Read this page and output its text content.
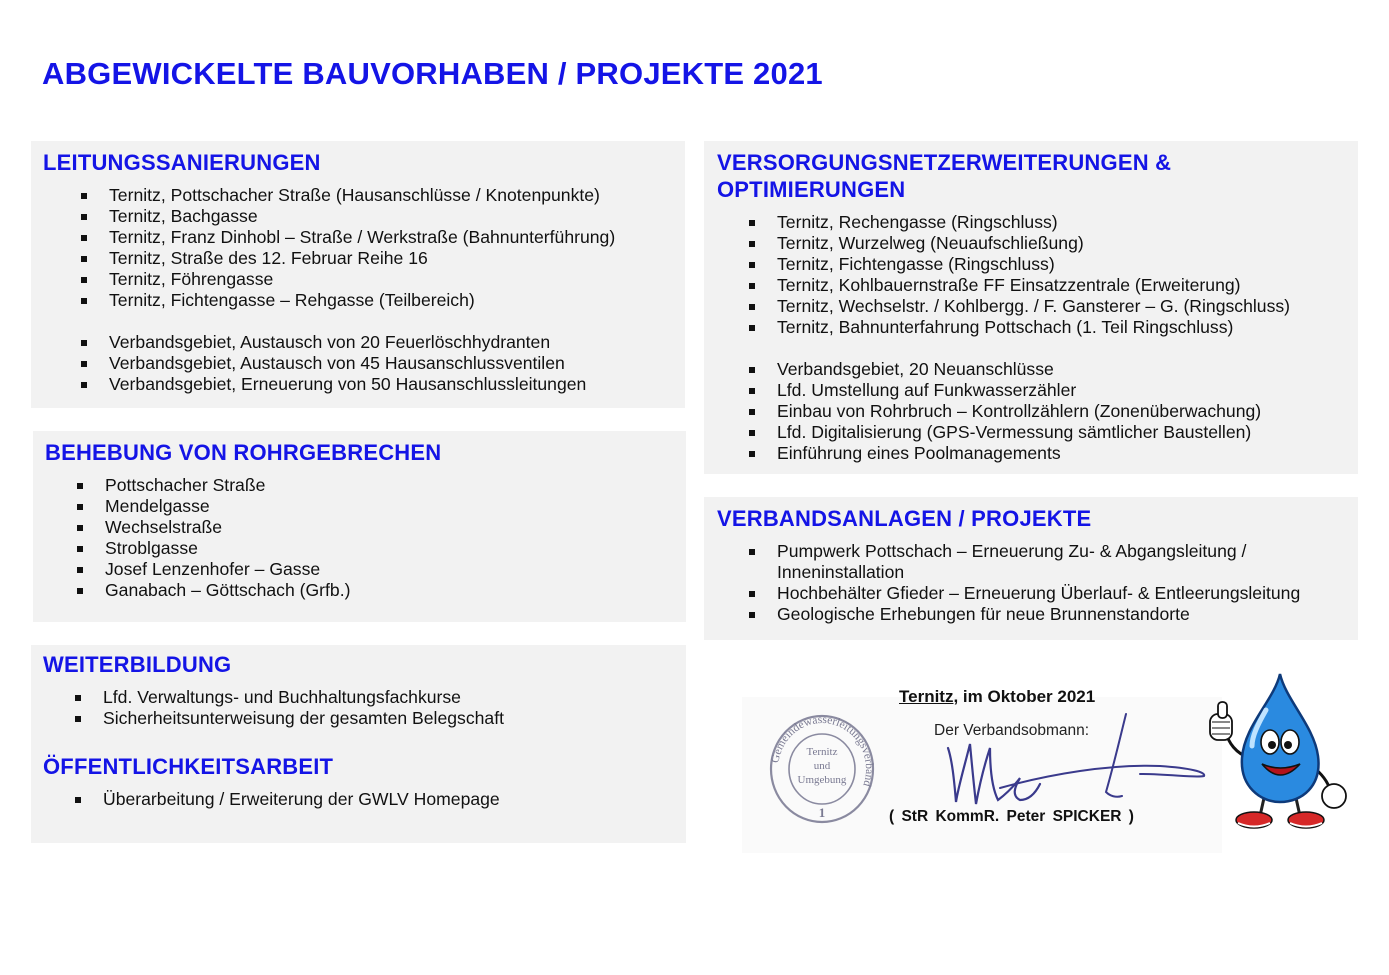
ABGEWICKELTE BAUVORHABEN / PROJEKTE 2021
LEITUNGSSANIERUNGEN
Ternitz, Pottschacher Straße (Hausanschlüsse / Knotenpunkte)
Ternitz, Bachgasse
Ternitz, Franz Dinhobl – Straße / Werkstraße (Bahnunterführung)
Ternitz, Straße des 12. Februar Reihe 16
Ternitz, Föhrengasse
Ternitz, Fichtengasse – Rehgasse (Teilbereich)
Verbandsgebiet, Austausch von 20 Feuerlöschhydranten
Verbandsgebiet, Austausch von 45 Hausanschlussventilen
Verbandsgebiet, Erneuerung von 50 Hausanschlussleitungen
BEHEBUNG VON ROHRGEBRECHEN
Pottschacher Straße
Mendelgasse
Wechselstraße
Stroblgasse
Josef Lenzenhofer – Gasse
Ganabach – Göttschach (Grfb.)
WEITERBILDUNG
Lfd. Verwaltungs- und Buchhaltungsfachkurse
Sicherheitsunterweisung der gesamten Belegschaft
ÖFFENTLICHKEITSARBEIT
Überarbeitung / Erweiterung der GWLV Homepage
VERSORGUNGSNETZERWEITERUNGEN &
OPTIMIERUNGEN
Ternitz, Rechengasse (Ringschluss)
Ternitz, Wurzelweg (Neuaufschließung)
Ternitz, Fichtengasse (Ringschluss)
Ternitz, Kohlbauernstraße FF Einsatzzentrale (Erweiterung)
Ternitz, Wechselstr. / Kohlbergg. / F. Gansterer – G. (Ringschluss)
Ternitz, Bahnunterfahrung Pottschach (1. Teil Ringschluss)
Verbandsgebiet, 20 Neuanschlüsse
Lfd. Umstellung auf Funkwasserzähler
Einbau von Rohrbruch – Kontrollzählern (Zonenüberwachung)
Lfd. Digitalisierung (GPS-Vermessung sämtlicher Baustellen)
Einführung eines Poolmanagements
VERBANDSANLAGEN / PROJEKTE
Pumpwerk Pottschach – Erneuerung Zu- & Abgangsleitung /
Inneninstallation
Hochbehälter Gfieder – Erneuerung Überlauf- & Entleerungsleitung
Geologische Erhebungen für neue Brunnenstandorte
Ternitz, im Oktober 2021
Der Verbandsobmann:
Gemeindewasserleitungsverband
Ternitz
und
Umgebung
1	( StR KommR. Peter SPICKER )
